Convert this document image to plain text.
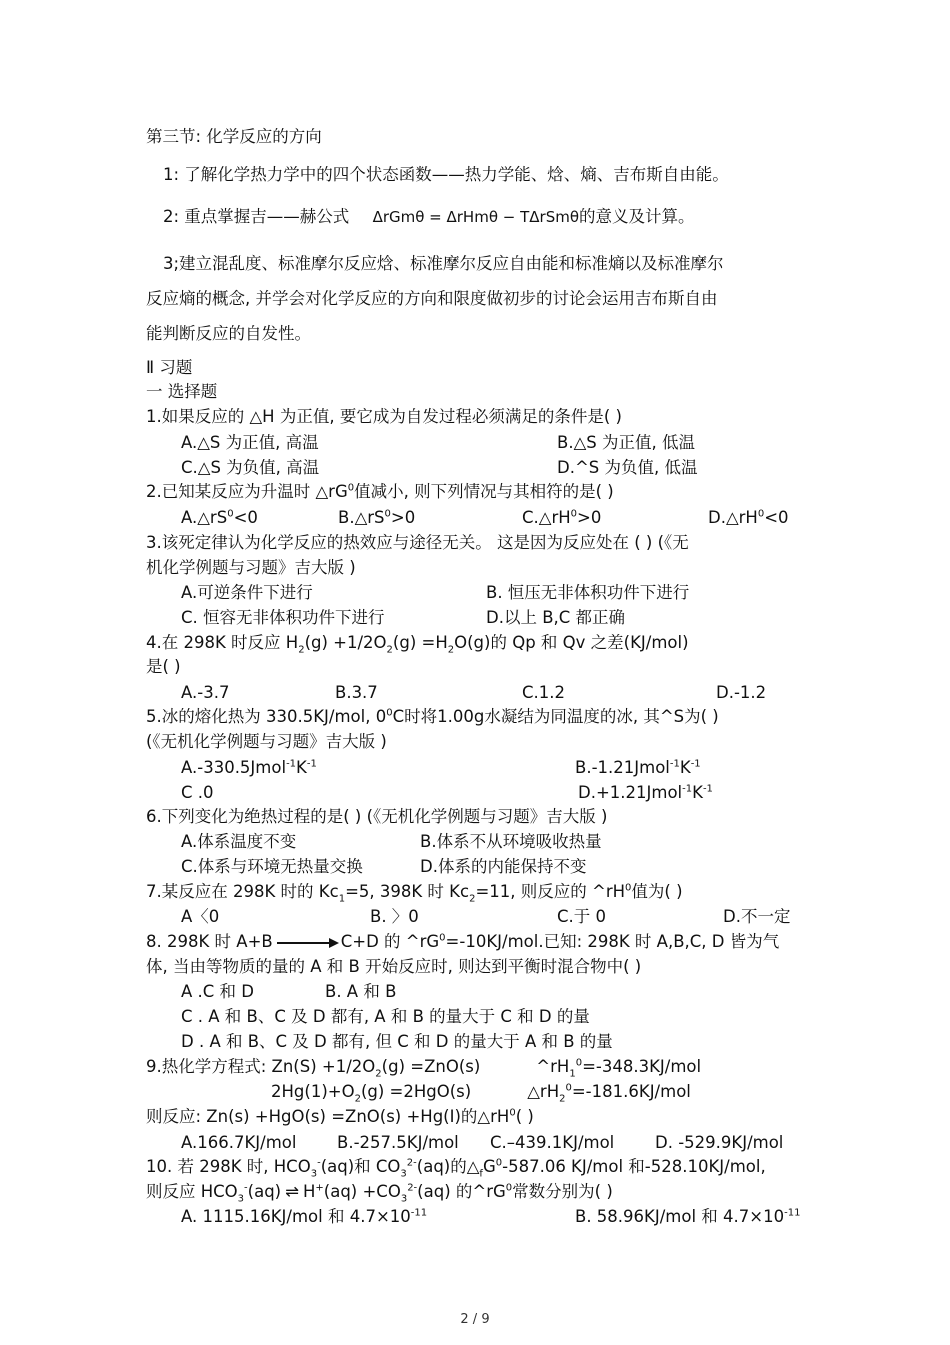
第三节: 化学反应的方向
1: 了解化学热力学中的四个状态函数——热力学能、焓、熵、吉布斯自由能。
2: 重点掌握吉——赫公式 ΔrGmθ = ΔrHmθ − TΔrSmθ的意义及计算。
3;建立混乱度、标准摩尔反应焓、标准摩尔反应自由能和标准熵以及标准摩尔
反应熵的概念, 并学会对化学反应的方向和限度做初步的讨论会运用吉布斯自由
能判断反应的自发性。
Ⅱ 习题
一 选择题
1.如果反应的 △H 为正值, 要它成为自发过程必须满足的条件是( )
A.△S 为正值, 高温	B.△S 为正值, 低温
C.△S 为负值, 高温	D.^S 为负值, 低温
2.已知某反应为升温时 $\triangle rG^0$值减小, 则下列情况与其相符的是( )
$A.\triangle rS^0<0$	$B.\triangle rS^0>0$	$C.\triangle rH^0>0$	$D.\triangle rH^0<0$
3.该死定律认为化学反应的热效应与途径无关。 这是因为反应处在 ( ) (《无
机化学例题与习题》吉大版 )
A.可逆条件下进行	B. 恒压无非体积功件下进行
C. 恒容无非体积功件下进行	D.以上 B,C 都正确
4.在 298K 时反应 $H_2(g) +1/2O_2(g) =H_2O(g)$的 Qp 和 Qv 之差(KJ/mol)
是( )
A.-3.7	B.3.7	C.1.2	D.-1.2
5.冰的熔化热为 330.5KJ/mol, $0^0C$时将1.00g水凝结为同温度的冰, 其^S为( )
(《无机化学例题与习题》吉大版 )
$A.-330.5Jmol^{-1}K^{-1}$	$B.-1.21Jmol^{-1}K^{-1}$
C .0	$D.+1.21Jmol^{-1}K^{-1}$
6.下列变化为绝热过程的是( ) (《无机化学例题与习题》吉大版 )
A.体系温度不变	B.体系不从环境吸收热量
C.体系与环境无热量交换	D.体系的内能保持不变
7.某反应在 298K 时的 $Kc_1=5$, 398K 时 $Kc_2=11$, 则反应的 $\^{}rH^0$值为( )
A〈0	B. 〉0	C.于 0	D.不一定
8. 298K 时 A+B → C+D 的 $\^{}rG^0=-10KJ$/mol.已知: 298K 时 A,B,C, D 皆为气
体, 当由等物质的量的 A 和 B 开始反应时, 则达到平衡时混合物中( )
A .C 和 D	B. A 和 B
C . A 和 B、C 及 D 都有, A 和 B 的量大于 C 和 D 的量
D . A 和 B、C 及 D 都有, 但 C 和 D 的量大于 A 和 B 的量
9.热化学方程式: $Zn(S) +1/2O_2(g) =ZnO(s)$	$\^{}rH_1^0=-348.3KJ$/mol
$2Hg(1)+O_2(g) =2HgO(s)$	$\triangle rH_2^0=-181.6KJ$/mol
则反应: Zn(s) +HgO(s) =ZnO(s) +Hg(I)的$\triangle rH^0$( )
A.166.7KJ/mol B.-257.5KJ/mol C.–439.1KJ/mol D. -529.9KJ/mol
10. 若 298K 时, $HCO_3^-(aq)$和 $CO_3^{2-}(aq)$的$\triangle_fG^0-587.06$ KJ/mol 和-528.10KJ/mol,
则反应 $HCO_3^-(aq)$ ⇌ $H^+(aq) +CO_3^{2-}(aq)$ 的$\^{}rG^0$常数分别为( )
A. 1115.16KJ/mol 和 $4.7\times 10^{-11}$	B. 58.96KJ/mol 和 $4.7\times 10^{-11}$
2 / 9
